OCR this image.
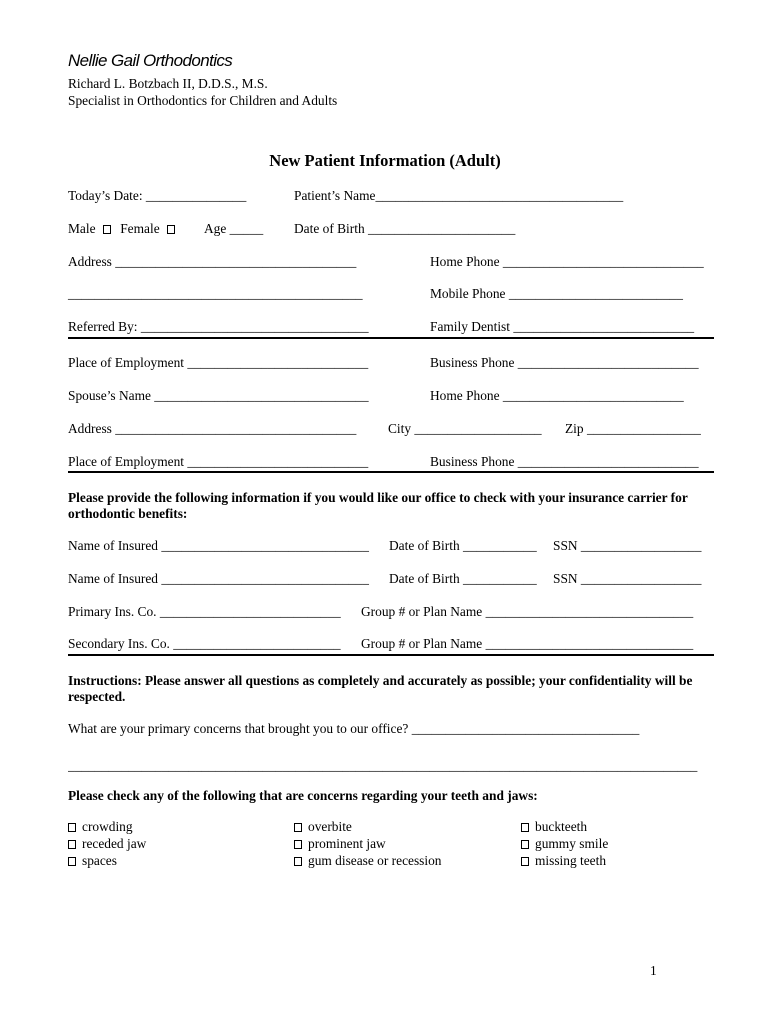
Nellie Gail Orthodontics
Richard L. Botzbach II, D.D.S., M.S.
Specialist in Orthodontics for Children and Adults
New Patient Information (Adult)
Today’s Date: _______________	Patient’s Name_____________________________________
Male Female	Age _____ Date of Birth ______________________
Address ____________________________________	Home Phone ______________________________
____________________________________________	Mobile Phone __________________________
Referred By: __________________________________	Family Dentist ___________________________
Place of Employment ___________________________	Business Phone ___________________________
Spouse’s Name ________________________________	Home Phone ___________________________
Address ____________________________________ City ___________________ Zip _________________
Place of Employment ___________________________	Business Phone ___________________________
Please provide the following information if you would like our office to check with your insurance carrier for orthodontic benefits:
Name of Insured _______________________________ Date of Birth ___________ SSN __________________
Name of Insured _______________________________ Date of Birth ___________ SSN __________________
Primary Ins. Co. ___________________________ Group # or Plan Name _______________________________
Secondary Ins. Co. _________________________ Group # or Plan Name _______________________________
Instructions: Please answer all questions as completely and accurately as possible; your confidentiality will be respected.
What are your primary concerns that brought you to our office? __________________________________
______________________________________________________________________________________________
Please check any of the following that are concerns regarding your teeth and jaws:
crowding
receded jaw
spaces
overbite
prominent jaw
gum disease or recession
buckteeth
gummy smile
missing teeth
1
